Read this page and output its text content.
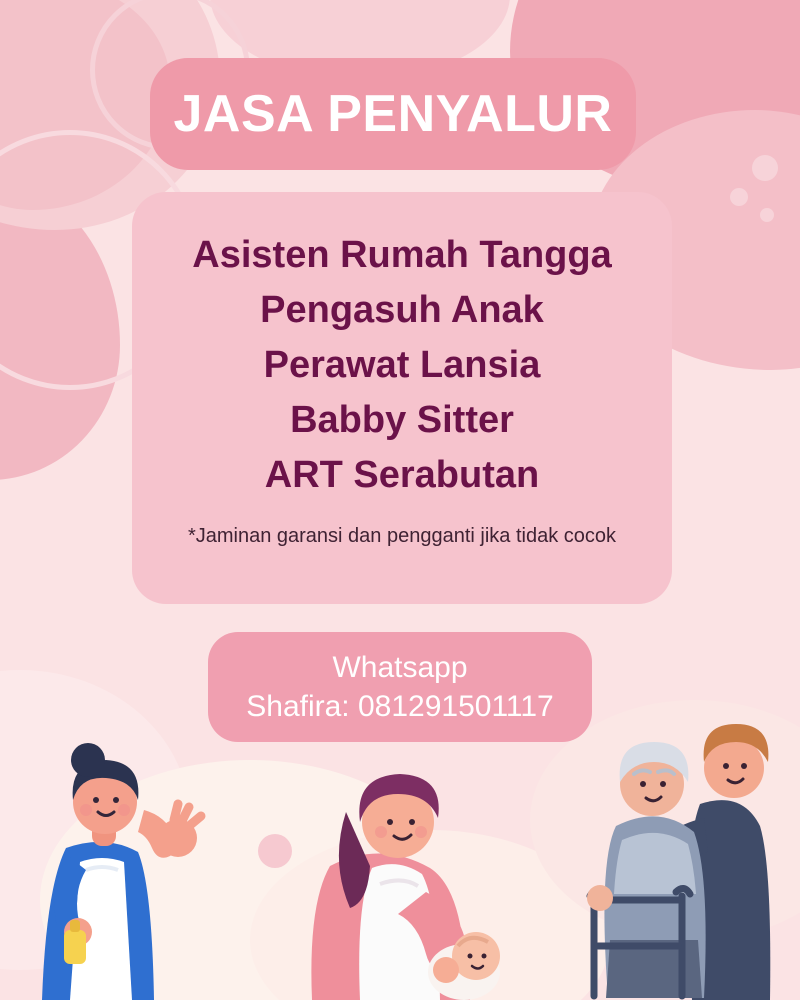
JASA PENYALUR
Asisten Rumah Tangga
Pengasuh Anak
Perawat Lansia
Babby Sitter
ART Serabutan
*Jaminan garansi dan pengganti jika tidak cocok
Whatsapp
Shafira: 081291501117
